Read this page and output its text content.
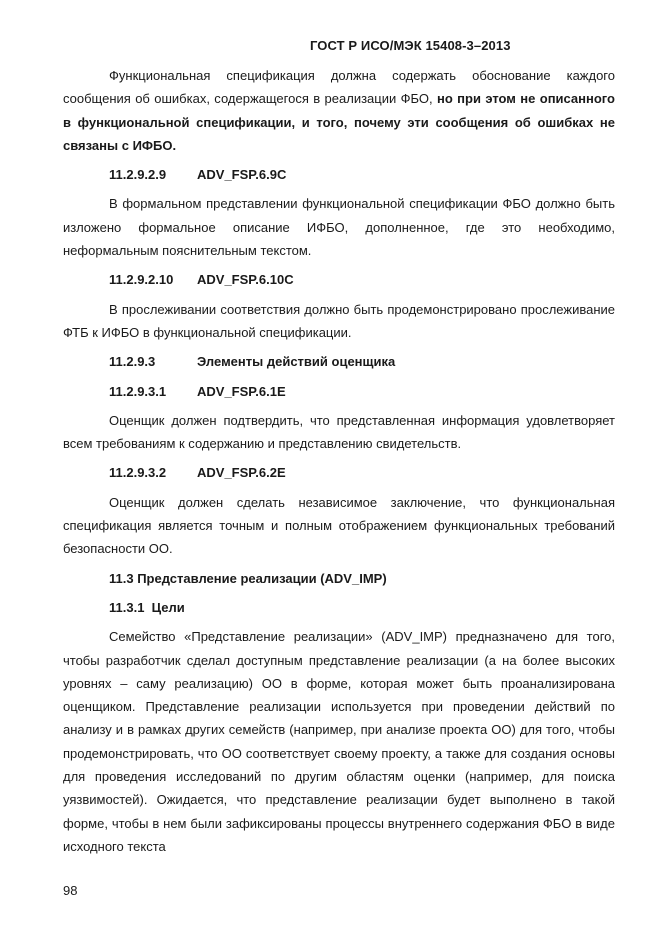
ГОСТ Р ИСО/МЭК 15408-3–2013

Функциональная спецификация должна содержать обоснование каждого сообщения об ошибках, содержащегося в реализации ФБО, но при этом не описанного в функциональной спецификации, и того, почему эти сообщения об ошибках не связаны с ИФБО.

11.2.9.2.9 ADV_FSP.6.9C

В формальном представлении функциональной спецификации ФБО должно быть изложено формальное описание ИФБО, дополненное, где это необходимо, неформальным пояснительным текстом.

11.2.9.2.10 ADV_FSP.6.10C

В прослеживании соответствия должно быть продемонстрировано прослеживание ФТБ к ИФБО в функциональной спецификации.

11.2.9.3	Элементы действий оценщика
11.2.9.3.1 ADV_FSP.6.1E

Оценщик должен подтвердить, что представленная информация удовлетворяет всем требованиям к содержанию и представлению свидетельств.

11.2.9.3.2 ADV_FSP.6.2E

Оценщик должен сделать независимое заключение, что функциональная спецификация является точным и полным отображением функциональных требований безопасности ОО.

11.3 Представление реализации (ADV_IMP)
11.3.1  Цели

Семейство «Представление реализации» (ADV_IMP) предназначено для того, чтобы разработчик сделал доступным представление реализации (а на более высоких уровнях – саму реализацию) ОО в форме, которая может быть проанализирована оценщиком. Представление реализации используется при проведении действий по анализу и в рамках других семейств (например, при анализе проекта ОО) для того, чтобы продемонстрировать, что ОО соответствует своему проекту, а также для создания основы для проведения исследований по другим областям оценки (например, для поиска уязвимостей). Ожидается, что представление реализации будет выполнено в такой форме, чтобы в нем были зафиксированы процессы внутреннего содержания ФБО в виде исходного текста

98
